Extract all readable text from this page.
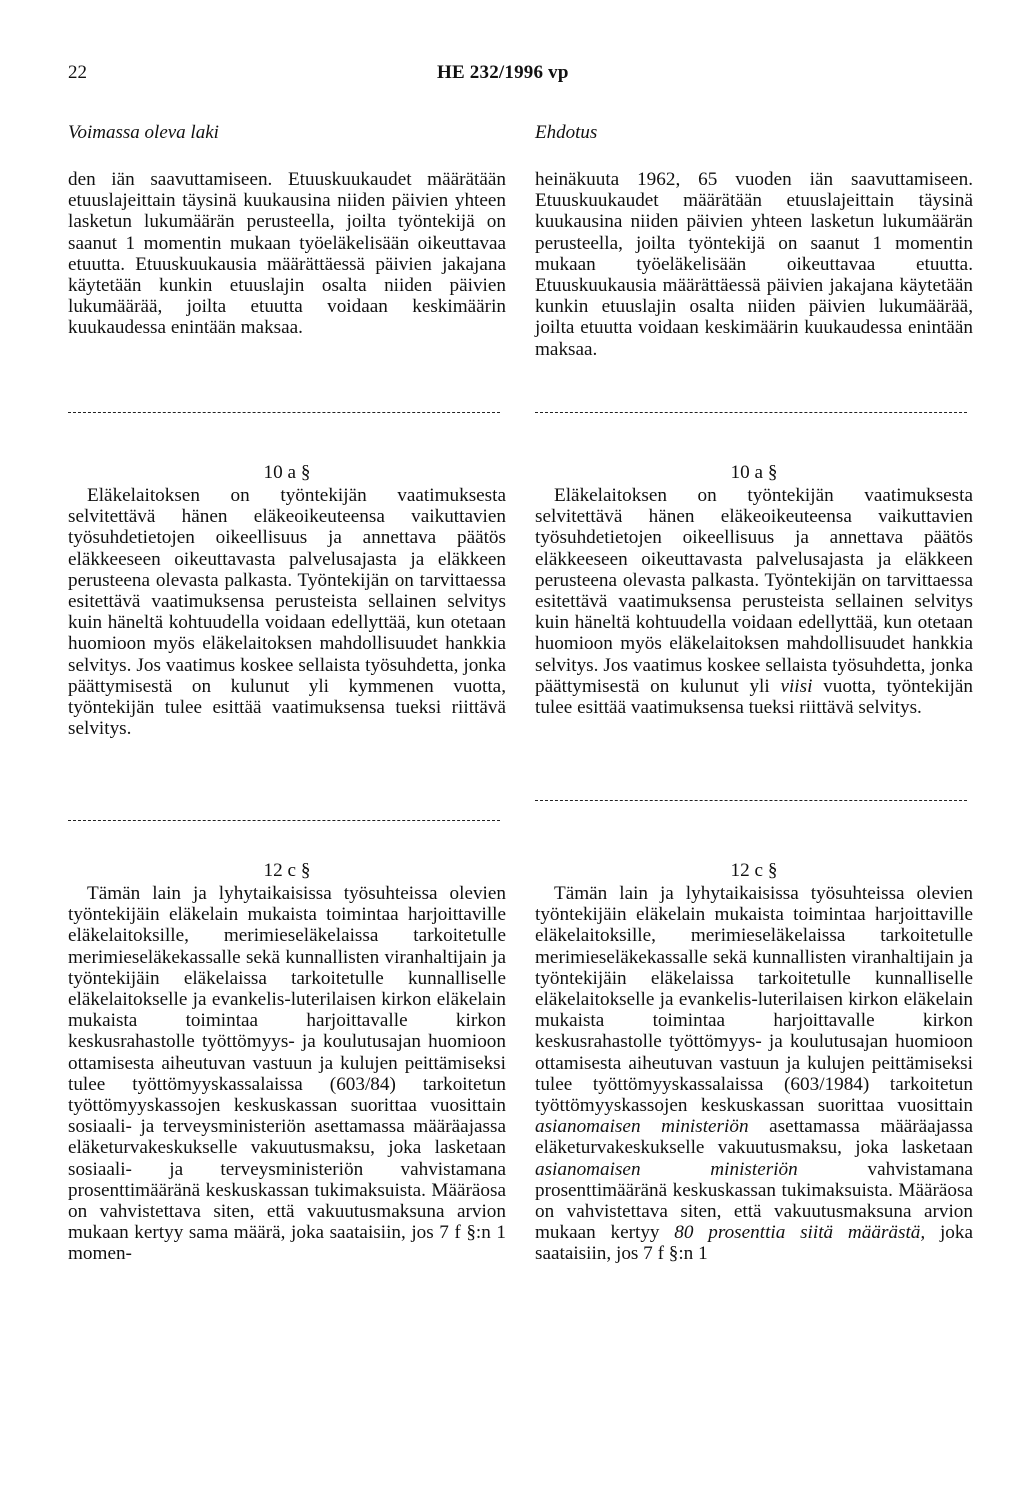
22	HE 232/1996 vp
Voimassa oleva laki	Ehdotus

den iän saavuttamiseen. Etuuskuukaudet määrätään etuuslajeittain täysinä kuukausina niiden päivien yhteen lasketun lukumäärän perusteella, joilta työntekijä on saanut 1 momentin mukaan työeläkelisään oikeuttavaa etuutta. Etuuskuukausia määrättäessä päivien jakajana käytetään kunkin etuuslajin osalta niiden päivien lukumäärää, joilta etuutta voidaan keskimäärin kuukaudessa enintään maksaa.

heinäkuuta 1962, 65 vuoden iän saavuttamiseen. Etuuskuukaudet määrätään etuuslajeittain täysinä kuukausina niiden päivien yhteen lasketun lukumäärän perusteella, joilta työntekijä on saanut 1 momentin mukaan työeläkelisään oikeuttavaa etuutta. Etuuskuukausia määrättäessä päivien jakajana käytetään kunkin etuuslajin osalta niiden päivien lukumäärää, joilta etuutta voidaan keskimäärin kuukaudessa enintään maksaa.

10 a §

Eläkelaitoksen on työntekijän vaatimuksesta selvitettävä hänen eläkeoikeuteensa vaikuttavien työsuhdetietojen oikeellisuus ja annettava päätös eläkkeeseen oikeuttavasta palvelusajasta ja eläkkeen perusteena olevasta palkasta. Työntekijän on tarvittaessa esitettävä vaatimuksensa perusteista sellainen selvitys kuin häneltä kohtuudella voidaan edellyttää, kun otetaan huomioon myös eläkelaitoksen mahdollisuudet hankkia selvitys. Jos vaatimus koskee sellaista työsuhdetta, jonka päättymisestä on kulunut yli kymmenen vuotta, työntekijän tulee esittää vaatimuksensa tueksi riittävä selvitys.

10 a §

Eläkelaitoksen on työntekijän vaatimuksesta selvitettävä hänen eläkeoikeuteensa vaikuttavien työsuhdetietojen oikeellisuus ja annettava päätös eläkkeeseen oikeuttavasta palvelusajasta ja eläkkeen perusteena olevasta palkasta. Työntekijän on tarvittaessa esitettävä vaatimuksensa perusteista sellainen selvitys kuin häneltä kohtuudella voidaan edellyttää, kun otetaan huomioon myös eläkelaitoksen mahdollisuudet hankkia selvitys. Jos vaatimus koskee sellaista työsuhdetta, jonka päättymisestä on kulunut yli viisi vuotta, työntekijän tulee esittää vaatimuksensa tueksi riittävä selvitys.

12 c §

Tämän lain ja lyhytaikaisissa työsuhteissa olevien työntekijäin eläkelain mukaista toimintaa harjoittaville eläkelaitoksille, merimieseläkelaissa tarkoitetulle merimieseläkekassalle sekä kunnallisten viranhaltijain ja työntekijäin eläkelaissa tarkoitetulle kunnalliselle eläkelaitokselle ja evankelis-luterilaisen kirkon eläkelain mukaista toimintaa harjoittavalle kirkon keskusrahastolle työttömyys- ja koulutusajan huomioon ottamisesta aiheutuvan vastuun ja kulujen peittämiseksi tulee työttömyyskassalaissa (603/84) tarkoitetun työttömyyskassojen keskuskassan suorittaa vuosittain sosiaali- ja terveysministeriön asettamassa määräajassa eläketurvakeskukselle vakuutusmaksu, joka lasketaan sosiaali- ja terveysministeriön vahvistamana prosenttimääränä keskuskassan tukimaksuista. Määräosa on vahvistettava siten, että vakuutusmaksuna arvion mukaan kertyy sama määrä, joka saataisiin, jos 7 f §:n 1 momen-

12 c §

Tämän lain ja lyhytaikaisissa työsuhteissa olevien työntekijäin eläkelain mukaista toimintaa harjoittaville eläkelaitoksille, merimieseläkelaissa tarkoitetulle merimieseläkekassalle sekä kunnallisten viranhaltijain ja työntekijäin eläkelaissa tarkoitetulle kunnalliselle eläkelaitokselle ja evankelis-luterilaisen kirkon eläkelain mukaista toimintaa harjoittavalle kirkon keskusrahastolle työttömyys- ja koulutusajan huomioon ottamisesta aiheutuvan vastuun ja kulujen peittämiseksi tulee työttömyyskassalaissa (603/1984) tarkoitetun työttömyyskassojen keskuskassan suorittaa vuosittain asianomaisen ministeriön asettamassa määräajassa eläketurvakeskukselle vakuutusmaksu, joka lasketaan asianomaisen ministeriön vahvistamana prosenttimääränä keskuskassan tukimaksuista. Määräosa on vahvistettava siten, että vakuutusmaksuna arvion mukaan kertyy 80 prosenttia siitä määrästä, joka saataisiin, jos 7 f §:n 1
